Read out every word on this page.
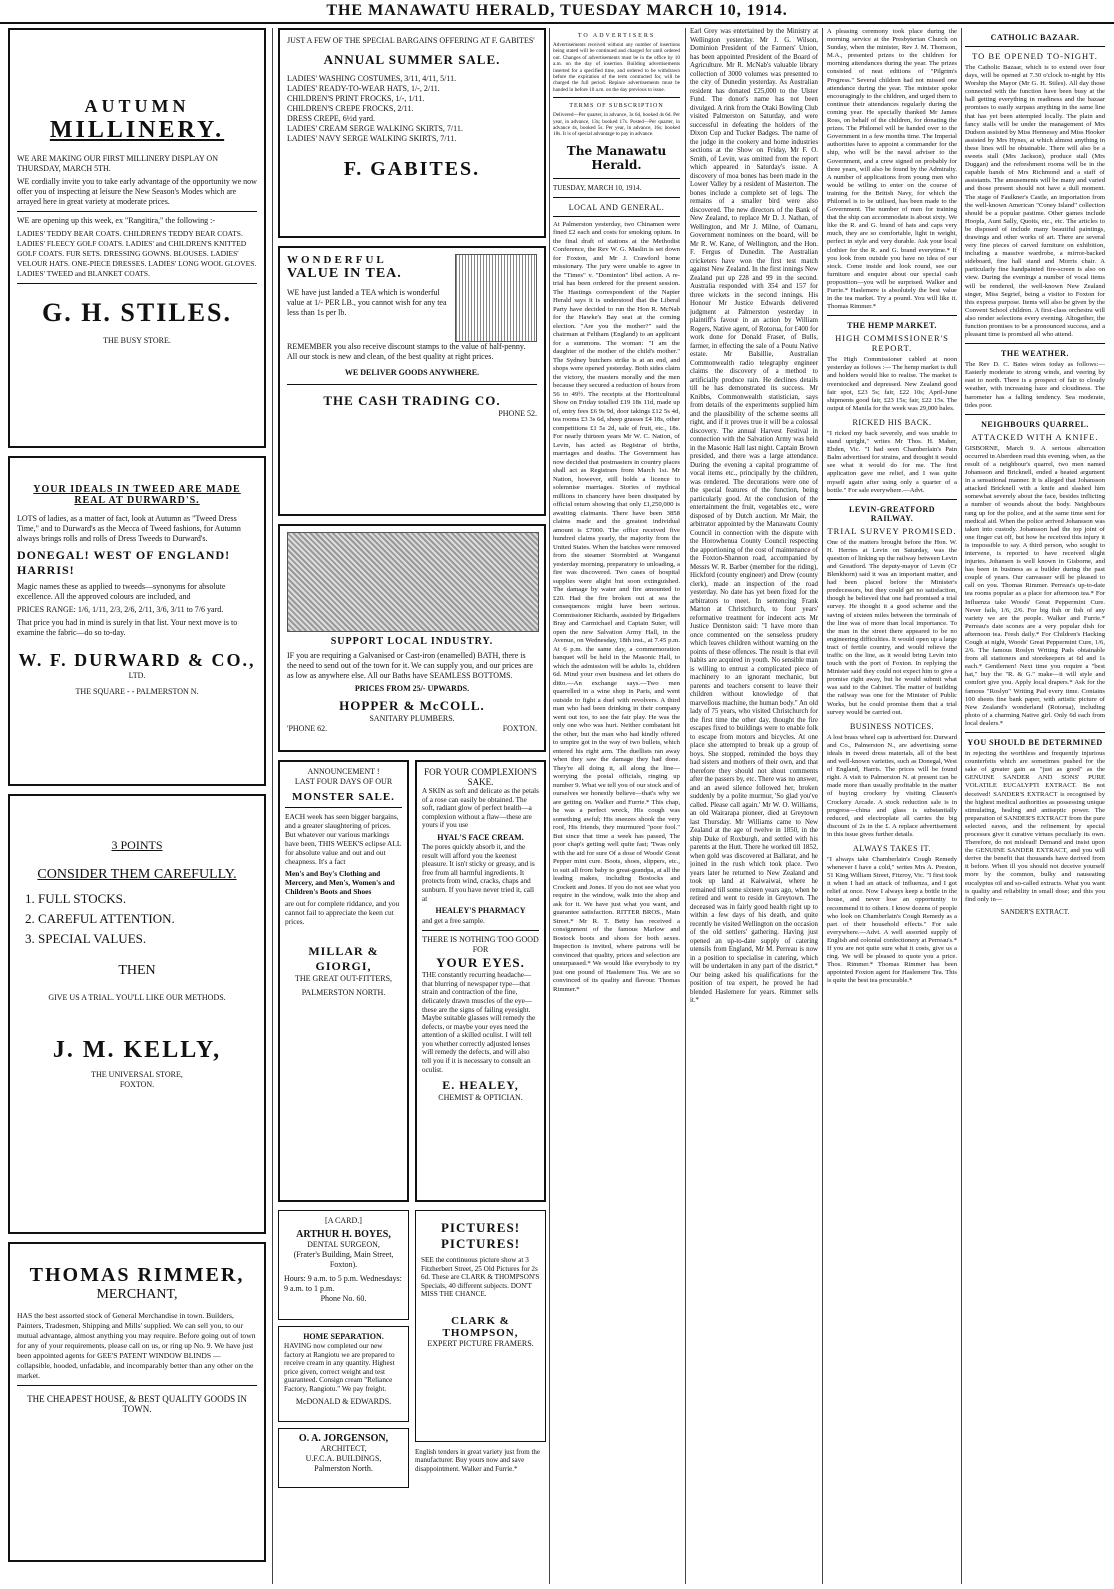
THE MANAWATU HERALD, TUESDAY MARCH 10, 1914.
AUTUMN
MILLINERY.

WE ARE MAKING OUR FIRST MILLINERY DISPLAY ON THURSDAY, MARCH 5TH.

WE cordially invite you to take early advantage of the opportunity we now offer you of inspecting at leisure the New Season's Modes which are arrayed here in great variety at moderate prices.

WE are opening up this week, ex "Rangitira," the following :-

LADIES' TEDDY BEAR COATS. CHILDREN'S TEDDY BEAR COATS. LADIES' FLEECY GOLF COATS. LADIES' and CHILDREN'S KNITTED GOLF COATS. FUR SETS. DRESSING GOWNS. BLOUSES. LADIES' VELOUR HATS. ONE-PIECE DRESSES. LADIES' LONG WOOL GLOVES. LADIES' TWEED and BLANKET COATS.

G. H. STILES.
THE BUSY STORE.
YOUR IDEALS IN TWEED ARE MADE REAL AT DURWARD'S.

LOTS of ladies, as a matter of fact, look at Autumn as "Tweed Dress Time," and to Durward's as the Mecca of Tweed fashions, for Autumn always brings rolls and rolls of Dress Tweeds to Durward's.

DONEGAL! WEST OF ENGLAND! HARRIS!

Magic names these as applied to tweeds—synonyms for absolute excellence. All the approved colours are included, and

PRICES RANGE: 1/6, 1/11, 2/3, 2/6, 2/11, 3/6, 3/11 to 7/6 yard.

That price you had in mind is surely in that list. Your next move is to examine the fabric—do so to-day.

W. F. DURWARD & CO.,
LTD.
THE SQUARE - - PALMERSTON N.
3 POINTS
CONSIDER THEM CAREFULLY.
1. FULL STOCKS.
2. CAREFUL ATTENTION.
3. SPECIAL VALUES.
THEN
GIVE US A TRIAL. YOU'LL LIKE OUR METHODS.
J. M. KELLY,
THE UNIVERSAL STORE,
FOXTON.
THOMAS RIMMER,
MERCHANT,

HAS the best assorted stock of General Merchandise in town. Builders, Painters, Tradesmen, Shipping and Mills' supplied. We can sell you, to our mutual advantage, almost anything you may require. Before going out of town for any of your requirements, please call on us, or ring up No. 9. We have just been appointed agents for GEE'S PATENT WINDOW BLINDS — collapsible, hooded, unfadable, and incomparably better than any other on the market.

THE CHEAPEST HOUSE, & BEST QUALITY GOODS IN TOWN.
JUST A FEW OF THE SPECIAL BARGAINS OFFERING AT F. GABITES'
ANNUAL SUMMER SALE.
LADIES' WASHING COSTUMES, 3/11, 4/11, 5/11.
LADIES' READY-TO-WEAR HATS, 1/-, 2/11.
CHILDREN'S PRINT FROCKS, 1/-, 1/11.
CHILDREN'S CREPE FROCKS, 2/11.
DRESS CREPE, 6½d yard.
LADIES' CREAM SERGE WALKING SKIRTS, 7/11.
LADIES' NAVY SERGE WALKING SKIRTS, 7/11.
F. GABITES.
WONDERFUL
VALUE IN TEA.

WE have just landed a TEA which is wonderful value at 1/- PER LB., you cannot wish for any tea less than 1s per lb.

REMEMBER you also receive discount stamps to the value of half-penny. All our stock is new and clean, of the best quality at right prices.

WE DELIVER GOODS ANYWHERE.
THE CASH TRADING CO.
PHONE 52.
SUPPORT LOCAL INDUSTRY.

IF you are requiring a Galvanised or Cast-iron (enamelled) BATH, there is the need to send out of the town for it. We can supply you, and our prices are as low as anywhere else. All our Baths have SEAMLESS BOTTOMS.

PRICES FROM 25/- UPWARDS.
HOPPER & McCOLL.
SANITARY PLUMBERS.
'PHONE 62.	FOXTON.
ANNOUNCEMENT !
LAST FOUR DAYS OF OUR
MONSTER SALE.

EACH week has seen bigger bargains, and a greater slaughtering of prices. But whatever our various markings have been, THIS WEEK'S eclipse ALL for absolute value and out and out cheapness. It's a fact

Men's and Boy's Clothing and Mercery, and Men's, Women's and Children's Boots and Shoes

are out for complete riddance, and you cannot fail to appreciate the keen cut prices.

MILLAR & GIORGI,
THE GREAT OUT-FITTERS,
PALMERSTON NORTH.
FOR YOUR COMPLEXION'S SAKE.

A SKIN as soft and delicate as the petals of a rose can easily be obtained. The soft, radiant glow of perfect health—a complexion without a flaw—these are yours if you use

HYAL'S FACE CREAM.

The pores quickly absorb it, and the result will afford you the keenest pleasure. It isn't sticky or greasy, and is free from all harmful ingredients. It protects from wind, cracks, chaps and sunburn. If you have never tried it, call at

HEALEY'S PHARMACY

and get a free sample.

THERE IS NOTHING TOO GOOD FOR
YOUR EYES.

THE constantly recurring headache—that blurring of newspaper type—that strain and contraction of the fine, delicately drawn muscles of the eye—these are the signs of failing eyesight. Maybe suitable glasses will remedy the defects, or maybe your eyes need the attention of a skilled oculist. I will tell you whether correctly adjusted lenses will remedy the defects, and will also tell you if it is necessary to consult an oculist.

E. HEALEY,
CHEMIST & OPTICIAN.
[A CARD.]
ARTHUR H. BOYES,
DENTAL SURGEON,
(Frater's Building, Main Street, Foxton).
Hours: 9 a.m. to 5 p.m. Wednesdays: 9 a.m. to 1 p.m.
Phone No. 60.
HOME SEPARATION.

HAVING now completed our new factory at Rangiotu we are prepared to receive cream in any quantity. Highest price given, correct weight and test guaranteed. Consign cream "Reliance Factory, Rangiotu." We pay freight.

McDONALD & EDWARDS.
O. A. JORGENSON,
ARCHITECT,
U.F.C.A. BUILDINGS,
Palmerston North.
PICTURES! PICTURES!

SEE the continuous picture show at 3 Fitzherbert Street, 25 Old Pictures for 2s 6d. These are CLARK & THOMPSON'S Specials, 40 different subjects. DON'T MISS THE CHANCE.

CLARK & THOMPSON,
EXPERT PICTURE FRAMERS.

English tenders in great variety just from the manufacturer. Buy yours now and save disappointment. Walker and Furrie.*

TO ADVERTISERS

Advertisements received without any number of insertions being stated will be continued and charged for until ordered out. Changes of advertisements must be in the office by 10 a.m. on the day of insertion. Building advertisements inserted for a specified time, and ordered to be withdrawn before the expiration of the term contracted for, will be charged the full period. Replace advertisements must be handed in before 10 a.m. on the day previous to issue.

TERMS OF SUBSCRIPTION

Delivered—Per quarter, in advance, 3s 6d, booked 4s 6d. Per year, in advance, 13s; booked 17s. Posted—Per quarter, in advance 4s, booked 5s. Per year, in advance, 16s; booked 18s. It is of special advantage to pay in advance.

The Manawatu Herald.
TUESDAY, MARCH 10, 1914.
LOCAL AND GENERAL.

At Palmerston yesterday, two Chinamen were fined £2 each and costs for smoking opium. In the final draft of stations at the Methodist Conference, the Rev W. G. Maslin is set down for Foxton, and Mr J. Crawford home missionary. The jury were unable to agree in the "Times" v. "Dominion" libel action. A re-trial has been ordered for the present session. The Hastings correspondent of the Napier Herald says it is understood that the Liberal Party have decided to run the Hon R. McNab for the Hawke's Bay seat at the coming election. "Are you the mother?" said the chairman at Feltham (England) to an applicant for a summons. The woman: "I am the daughter of the mother of the child's mother." The Sydney butchers strike is at an end, and shops were opened yesterday. Both sides claim the victory, the masters morally and the men because they secured a reduction of hours from 56 to 49½. The receipts at the Horticultural Show on Friday totalled £19 18s 11d, made up of, entry fees £6 9s 9d, door takings £12 5s 4d, tea rooms £3 3s 6d, sheep grasses £4 18s, other competitions £1 5s 2d, sale of fruit, etc., 18s. For nearly thirteen years Mr W. C. Nation, of Levin, has acted as Registrar of births, marriages and deaths. The Government has now decided that postmasters in country places shall act as Registrars from March 1st. Mr Nation, however, still holds a licence to solemnise marriages. Stories of mythical millions in chancery have been dissipated by official return showing that only £1,250,000 is awaiting claimants. There have been 3858 claims made and the greatest individual amount is £7000. The office received five hundred claims yearly, the majority from the United States. When the batches were removed from the steamer Stormbird at Wanganui yesterday morning, preparatory to unloading, a fire was discovered. Two cases of hospital supplies were alight but soon extinguished. The damage by water and fire amounted to £20. Had the fire broken out at sea the consequences might have been serious. Commissioner Richards, assisted by Brigadiers Bray and Carmichael and Captain Suter, will open the new Salvation Army Hall, in the Avenue, on Wednesday, 18th inst., at 7.45 p.m. At 6 p.m. the same day, a commemoration banquet will be held in the Masonic Hall, to which the admission will be adults 1s, children 6d. Mind your own business and let others do ditto.—An exchange says.—Two men quarrelled in a wine shop in Paris, and went outside to fight a duel with revolvers. A third man who had been drinking in their company went out too, to see the fair play. He was the only one who was hurt. Neither combatant hit the other, but the man who had kindly offered to umpire got in the way of two bullets, which entered his right arm. The duellists ran away when they saw the damage they had done. They're all doing it, all along the line—worrying the postal officials, ringing up number 9. What we tell you of our stock and of ourselves we honestly believe—that's why we are getting on. Walker and Furrie.* This chap, he was a perfect wreck, His cough was something awful; His sneezes shook the very roof, His friends, they murmured "poor fool." But since that time a week has passed, The poor chap's getting well quite fast; 'Twas only with the aid for sure Of a dose of Woods' Great Pepper mint cure. Boots, shoes, slippers, etc., to suit all from baby to great-grandpa, at all the leading makes, including Bostocks and Crockett and Jones. If you do not see what you require in the window, walk into the shop and ask for it. We have just what you want, and guarantee satisfaction. RITTER BROS., Main Street.* Mr R. T. Betty has received a consignment of the famous Marlow and Bostock boots and shoes for both sexes. Inspection is invited, where patrons will be convinced that quality, prices and selection are unsurpassed.* We would like everybody to try just one pound of Haslemere Tea. We are so convinced of its quality and flavour. Thomas Rimmer.*

Earl Grey was entertained by the Ministry at Wellington yesterday. Mr J. G. Wilson, Dominion President of the Farmers' Union, has been appointed President of the Board of Agriculture. Mr R. McNab's valuable library collection of 3000 volumes was presented to the city of Dunedin yesterday. As Australian resident has donated £25,000 to the Ulster Fund. The donor's name has not been divulged. A rink from the Otaki Bowling Club visited Palmerston on Saturday, and were successful in defeating the holders of the Dixon Cup and Tucker Badges. The name of the judge in the cookery and home industries sections at the Show on Friday, Mr F. O. Smith, of Levin, was omitted from the report which appeared in Saturday's issue. A discovery of moa bones has been made in the Lower Valley by a resident of Masterton. The bones include a complete set of legs. The remains of a smaller bird were also discovered. The new directors of the Bank of New Zealand, to replace Mr D. J. Nathan, of Wellington, and Mr J. Milne, of Oamaru, Government nominees on the board, will be Mr R. W. Kane, of Wellington, and the Hon. F. Fergus of Dunedin. The Australian cricketers have won the first test match against New Zealand. In the first innings New Zealand put up 228 and 99 in the second. Australia responded with 354 and 157 for three wickets in the second innings. His Honour Mr Justice Edwards delivered judgment at Palmerston yesterday in plaintiff's favour in an action by William Rogers, Native agent, of Rotorua, for £400 for work done for Donald Fraser, of Bulls, farmer, in effecting the sale of a Poutu Native estate. Mr Balsillie, Australian Commonwealth radio telegraphy engineer claims the discovery of a method to artificially produce rain. He declines details till he has demonstrated its success. Mr Knibbs, Commonwealth statistician, says from details of the experiments supplied him and the plausibility of the scheme seems all right, and if it proves true it will be a colossal discovery. The annual Harvest Festival in connection with the Salvation Army was held in the Masonic Hall last night. Captain Brown presided, and there was a large attendance. During the evening a capital programme of vocal items etc., principally by the children, was rendered. The decorations were one of the special features of the function, being particularly good. At the conclusion of the entertainment the fruit, vegetables etc., were disposed of by Dutch auction. Mr Mair, the arbitrator appointed by the Manawatu County Council in connection with the dispute with the Horowhenua County Council respecting the apportioning of the cost of maintenance of the Foxton-Shannon road, accompanied by Messrs W. R. Barber (member for the riding), Hickford (county engineer) and Drew (county clerk), made an inspection of the road yesterday. No date has yet been fixed for the arbitrators to meet. In sentencing Frank Marton at Christchurch, to four years' reformative treatment for indecent acts Mr Justice Denniston said: "I have more than once commented on the senseless prudery which leaves children without warning on the points of these offences. The result is that evil habits are acquired in youth. No sensible man is willing to entrust a complicated piece of machinery to an ignorant mechanic, but parents and teachers consent to leave their children without knowledge of that marvellous machine, the human body." An old lady of 75 years, who visited Christchurch for the first time the other day, thought the fire escapes fixed to buildings were to enable folk to escape from motors and bicycles. At one place she attempted to break up a group of boys. She stopped, reminded the boys they had sisters and mothers of their own, and that therefore they should not shout comments after the passers by, etc. There was no answer, and an awed silence followed her, broken suddenly by a polite murmur, 'So glad you've called. Please call again.' Mr W. O. Williams, an old Wairarapa pioneer, died at Greytown last Thursday. Mr Williams came to New Zealand at the age of twelve in 1850, in the ship Duke of Roxburgh, and settled with his parents at the Hutt. There he worked till 1852, when gold was discovered at Ballarat, and he joined in the rush which took place. Two years later he returned to New Zealand and took up land at Kaiwaiwai, where he remained till some sixteen years ago, when he retired and went to reside in Greytown. The deceased was in fairly good health right up to within a few days of his death, and quite recently he visited Wellington on the occasion of the old settlers' gathering. Having just opened an up-to-date supply of catering utensils from England, Mr M. Perreau is now in a position to specialise in catering, which will be undertaken in any part of the district.* Our being asked his qualifications for the position of tea expert, he proved he had blended Haslemere for years. Rimmer sells it.*

A pleasing ceremony took place during the morning service at the Presbyterian Church on Sunday, when the minister, Rev J. M. Thomson, M.A., presented prizes to the children for morning attendances during the year. The prizes consisted of neat editions of "Pilgrim's Progress." Several children had not missed one attendance during the year. The minister spoke encouragingly to the children, and urged them to continue their attendances regularly during the coming year. He specially thanked Mr James Ross, on behalf of the children, for donating the prizes. The Philomel will be handed over to the Government in a few months time. The Imperial authorities have to appoint a commander for the ship, who will be the naval adviser to the Government, and a crew signed on probably for three years, will also be found by the Admiralty. A number of applications from young men who would be willing to enter on the course of training for the British Navy, for which the Philomel is to be utilised, has been made to the Government. The number of men for training that the ship can accommodate is about sixty. We like the R. and G. brand of hats and caps very much, they are so comfortable, light in weight, perfect in style and very durable. Ask your local clothier for the R. and G. brand everytime.* If you look from outside you have no idea of our stock. Come inside and look round, see our furniture and enquire about our special cash proposition—you will be surprised. Walker and Furrie.* Haslemere is absolutely the best value in the tea market. Try a pound. You will like it. Thomas Rimmer.*

THE HEMP MARKET.
HIGH COMMISSIONER'S REPORT.

The High Commissioner cabled at noon yesterday as follows :— The hemp market is dull and holders would like to realise. The market is overstocked and depressed. New Zealand good fair spot, £23 5s; fair, £22 10s; April-June shipments good fair, £23 15s; fair, £22 15s. The output of Manila for the week was 29,000 bales.

RICKED HIS BACK.

"I ricked my back severely, and was unable to stand upright," writes Mr Thos. H. Maher, Ebden, Vic. "I had seen Chamberlain's Pain Balm advertised for strains, and thought it would see what it would do for me. The first application gave me relief, and I was quite myself again after using only a quarter of a bottle." For sale everywhere.—Advt.

LEVIN-GREATFORD RAILWAY.
TRIAL SURVEY PROMISED.

One of the matters brought before the Hon. W. H. Herries at Levin on Saturday, was the question of linking up the railway between Levin and Greatford. The deputy-mayor of Levin (Cr Blenkhorn) said it was an important matter, and had been placed before the Minister's predecessors, but they could get no satisfaction, though he believed that one had promised a trial survey. He thought it a good scheme and the saving of sixteen miles between the terminals of the line was of more than local importance. To the man in the street there appeared to be no engineering difficulties. It would open up a large tract of fertile country, and would relieve the traffic on the line, as it would bring Levin into touch with the port of Foxton. In replying the Minister said they could not expect him to give a promise right away, but he would submit what was said to the Cabinet. The matter of building the railway was one for the Minister of Public Works, but he could promise them that a trial survey would be carried out.

BUSINESS NOTICES.

A lost brass wheel cap is advertised for. Durward and Co., Palmerston N., are advertising some ideals in tweed dress materials, all of the best and well-known varieties, such as Donegal, West of England, Harris. The prices will be found right. A visit to Palmerston N. at present can be made more than usually profitable in the matter of buying crockery by visiting Clausen's Crockery Arcade. A stock reduction sale is in progress—china and glass is substantially reduced, and electroplate all carries the big discount of 2s in the £. A replace advertisement in this issue gives further details.

ALWAYS TAKES IT.

"I always take Chamberlain's Cough Remedy whenever I have a cold," writes Mrs A. Preston, 51 King William Street, Fitzroy, Vic. "I first took it when I had an attack of influenza, and I got relief at once. Now I always keep a bottle in the house, and never lose an opportunity to recommend it to others. I know dozens of people who look on Chamberlain's Cough Remedy as a part of their household effects." For sale everywhere.—Advt. A well assorted supply of English and colonial confectionery at Perreau's.* If you are not quite sure what it costs, give us a ring. We will be pleased to quote you a price. Thos. Rimmer.* Thomas Rimmer has been appointed Foxton agent for Haslemere Tea. This is quite the best tea procurable.*

CATHOLIC BAZAAR.
TO BE OPENED TO-NIGHT.

The Catholic Bazaar, which is to extend over four days, will be opened at 7.30 o'clock to-night by His Worship the Mayor (Mr G. H. Stiles). All day those connected with the function have been busy at the hall getting everything in readiness and the bazaar promises to easily surpass anything in the same line that has yet been attempted locally. The plain and fancy stalls will be under the management of Mrs Dudson assisted by Miss Hennessy and Miss Hooker assisted by Mrs Hynes, at which almost anything in these lines will be obtainable. There will also be a sweets stall (Mrs Jackson), produce stall (Mrs Duggan) and the refreshment rooms will be in the capable hands of Mrs Richmond and a staff of assistants. The amusements will be many and varied and those present should not have a dull moment. The stage of Faulkner's Castle, an importation from the well-known American "Coney Island" collection should be a popular pastime. Other games include Hoopla, Aunt Sally, Quoits, etc., etc. The articles to be disposed of include many beautiful paintings, drawings and other works of art. There are several very fine pieces of carved furniture on exhibition, including a massive wardrobe, a mirror-backed sideboard, fine hall stand and Morris chair. A particularly fine handpainted fire-screen is also on view. During the evenings a number of vocal items will be rendered, the well-known New Zealand singer, Miss Segrief, being a visitor to Foxton for this express purpose. Items will also be given by the Convent School children. A first-class orchestra will also render selections every evening. Altogether, the function promises to be a pronounced success, and a pleasant time is promised all who attend.

THE WEATHER.

The Rev D. C. Bates wires today as follows:— Easterly moderate to strong winds, and veering by east to north. There is a prospect of fair to cloudy weather, with increasing haze and cloudiness. The barometer has a falling tendency. Sea moderate, tides poor.

NEIGHBOURS QUARREL.
ATTACKED WITH A KNIFE.

GISBORNE, March 9. A serious altercation occurred in Aberdeen road this evening, when, as the result of a neighbour's quarrel, two men named Johansson and Bricknell, ended a heated argument in a sensational manner. It is alleged that Johansson attacked Bricknell with a knife and slashed him somewhat severely about the face, besides inflicting a number of wounds about the body. Neighbours rang up for the police, and at the same time sent for medical aid. When the police arrived Johansson was taken into custody. Johansson had the top joint of one finger cut off, but how he received this injury it is impossible to say. A third person, who sought to intervene, is reported to have received slight injuries. Johansen is well known in Gisborne, and has been in business as a builder during the past couple of years. Our canvasser will be pleased to call on you. Thomas Rimmer. Perreau's up-to-date tea rooms popular as a place for afternoon tea.* For Influenza take Woods' Great Peppermint Cure. Never fails, 1/6, 2/6. For big fish or fish of any variety we are the people. Walker and Furrie.* Perreau's date scones are a very popular dish for afternoon tea. Fresh daily.* For Children's Hacking Cough at night, Woods' Great Peppermint Cure, 1/6, 2/6. The famous Roslyn Writing Pads obtainable from all stationers and storekeepers at 6d and 1s each.* Gentlemen! Next time you require a "best hat," buy the "R. & G." make—it will style and comfort give you. Apply local drapers.* Ask for the famous "Roslyn" Writing Pad every time. Contains 100 sheets fine bank paper, with artistic picture of New Zealand's wonderland (Rotorua), including photo of a charming Native girl. Only 6d each from local dealers.*

YOU SHOULD BE DETERMINED

in rejecting the worthless and frequently injurious counterfeits which are sometimes pushed for the sake of greater gain as "just as good" as the GENUINE SANDER AND SONS' PURE VOLATILE EUCALYPTI EXTRACT. Be not deceived! SANDER'S EXTRACT is recognised by the highest medical authorities as possessing unique stimulating, healing and antiseptic power. The preparation of SANDER'S EXTRACT from the pure selected eaves, and the refinement by special processes give it curative virtues peculiarly its own. Therefore, do not mislead! Demand and insist upon the GENUINE SANDER EXTRACT, and you will derive the benefit that thousands have derived from it before. When ill you should not deceive yourself more by the common, bulky and nauseating eucalyptus oil and so-called extracts. What you want is quality and reliability in small dose; and this you find only in—

SANDER'S EXTRACT.
